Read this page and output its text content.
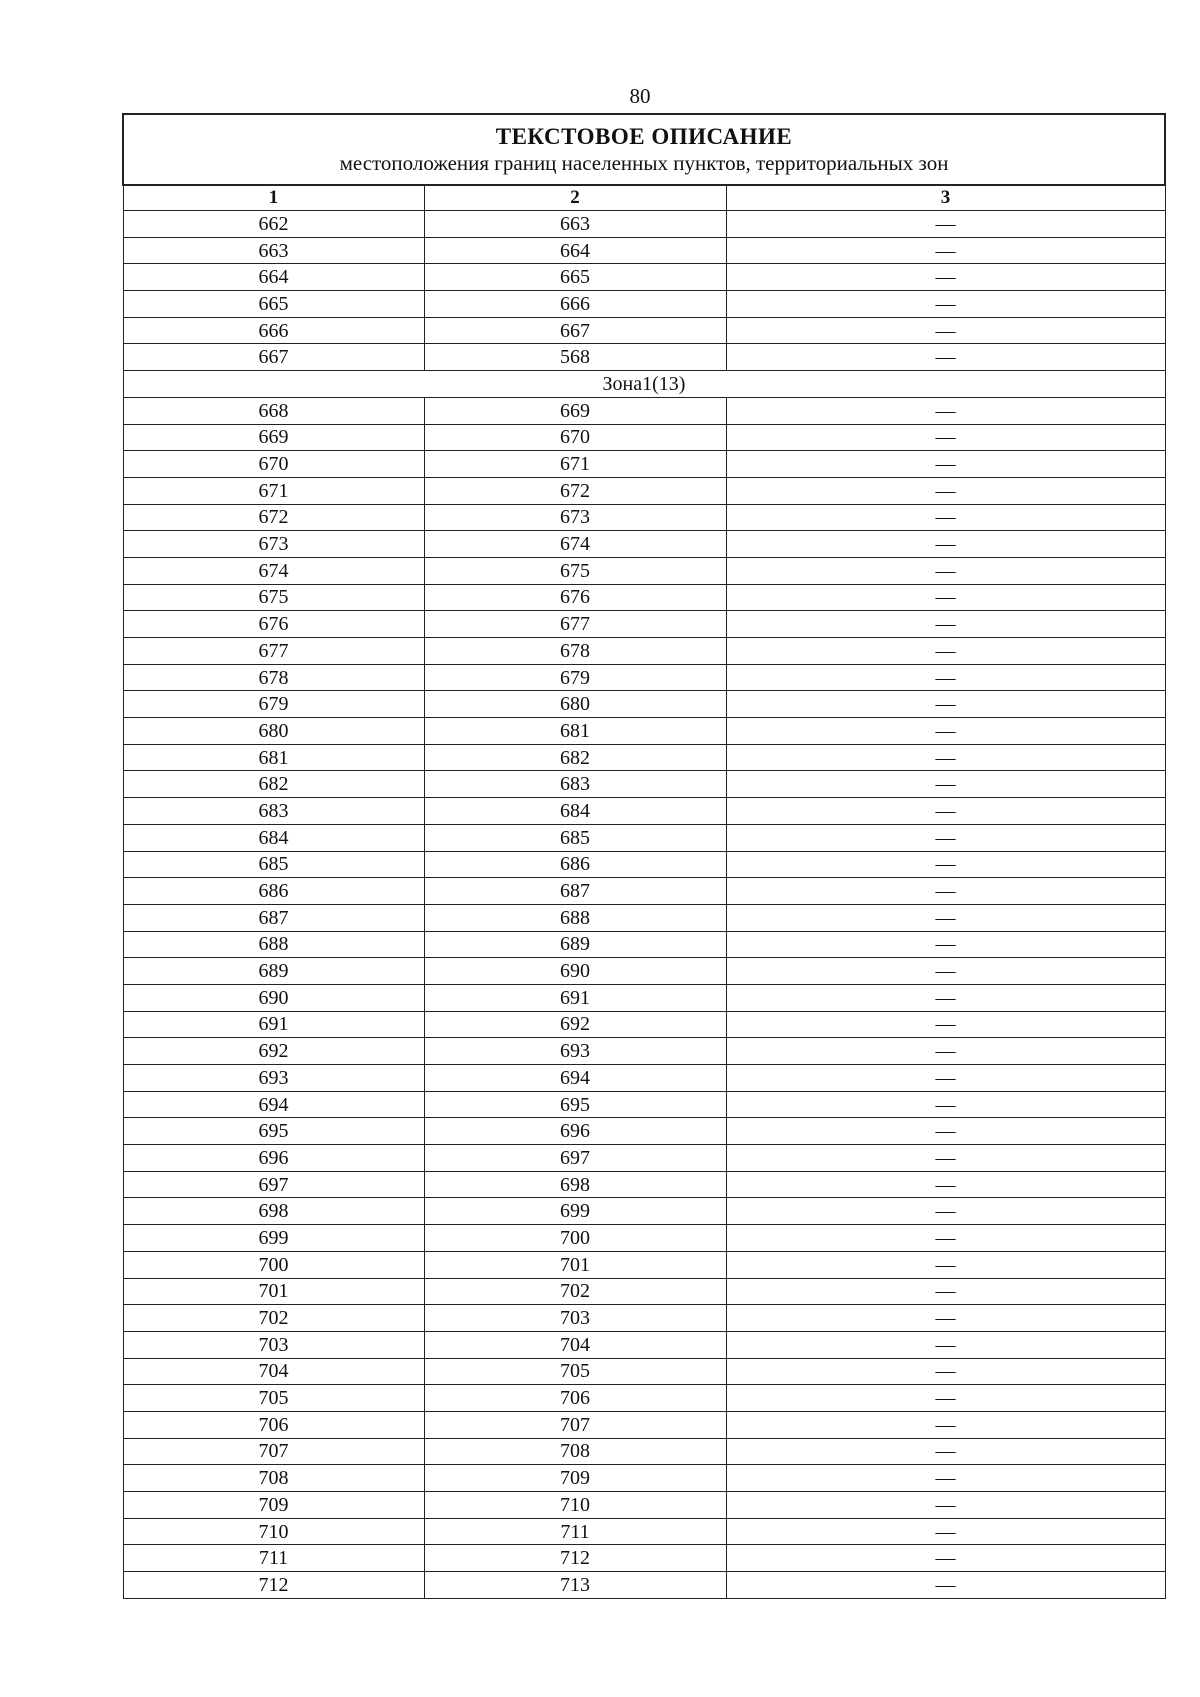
80
ТЕКСТОВОЕ ОПИСАНИЕ
местоположения границ населенных пунктов, территориальных зон		

1	2	3
662	663	—
663	664	—
664	665	—
665	666	—
666	667	—
667	568	—
Зона1(13)		
668	669	—
669	670	—
670	671	—
671	672	—
672	673	—
673	674	—
674	675	—
675	676	—
676	677	—
677	678	—
678	679	—
679	680	—
680	681	—
681	682	—
682	683	—
683	684	—
684	685	—
685	686	—
686	687	—
687	688	—
688	689	—
689	690	—
690	691	—
691	692	—
692	693	—
693	694	—
694	695	—
695	696	—
696	697	—
697	698	—
698	699	—
699	700	—
700	701	—
701	702	—
702	703	—
703	704	—
704	705	—
705	706	—
706	707	—
707	708	—
708	709	—
709	710	—
710	711	—
711	712	—
712	713	—
